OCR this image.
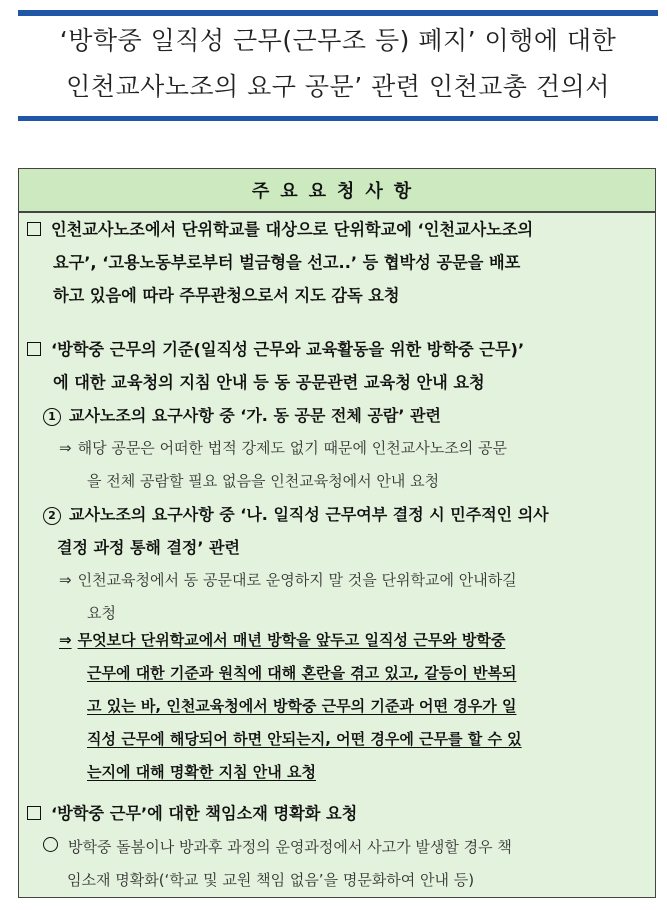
‘방학중 일직성 근무(근무조 등) 폐지’ 이행에 대한
인천교사노조의 요구 공문’ 관련 인천교총 건의서
주요요청사항
인천교사노조에서 단위학교를 대상으로 단위학교에 ‘인천교사노조의
요구’, ‘고용노동부로부터 벌금형을 선고..’ 등 협박성 공문을 배포
하고 있음에 따라 주무관청으로서 지도 감독 요청
‘방학중 근무의 기준(일직성 근무와 교육활동을 위한 방학중 근무)’
에 대한 교육청의 지침 안내 등 동 공문관련 교육청 안내 요청
1 교사노조의 요구사항 중 ‘가. 동 공문 전체 공람’ 관련
⇒ 해당 공문은 어떠한 법적 강제도 없기 때문에 인천교사노조의 공문
을 전체 공람할 필요 없음을 인천교육청에서 안내 요청
2 교사노조의 요구사항 중 ‘나. 일직성 근무여부 결정 시 민주적인 의사
결정 과정 통해 결정’ 관련
⇒ 인천교육청에서 동 공문대로 운영하지 말 것을 단위학교에 안내하길
요청
⇒ 무엇보다 단위학교에서 매년 방학을 앞두고 일직성 근무와 방학중
근무에 대한 기준과 원칙에 대해 혼란을 겪고 있고, 갈등이 반복되
고 있는 바, 인천교육청에서 방학중 근무의 기준과 어떤 경우가 일
직성 근무에 해당되어 하면 안되는지, 어떤 경우에 근무를 할 수 있
는지에 대해 명확한 지침 안내 요청
‘방학중 근무’에 대한 책임소재 명확화 요청
방학중 돌봄이나 방과후 과정의 운영과정에서 사고가 발생할 경우 책
임소재 명확화(‘학교 및 교원 책임 없음’을 명문화하여 안내 등)
